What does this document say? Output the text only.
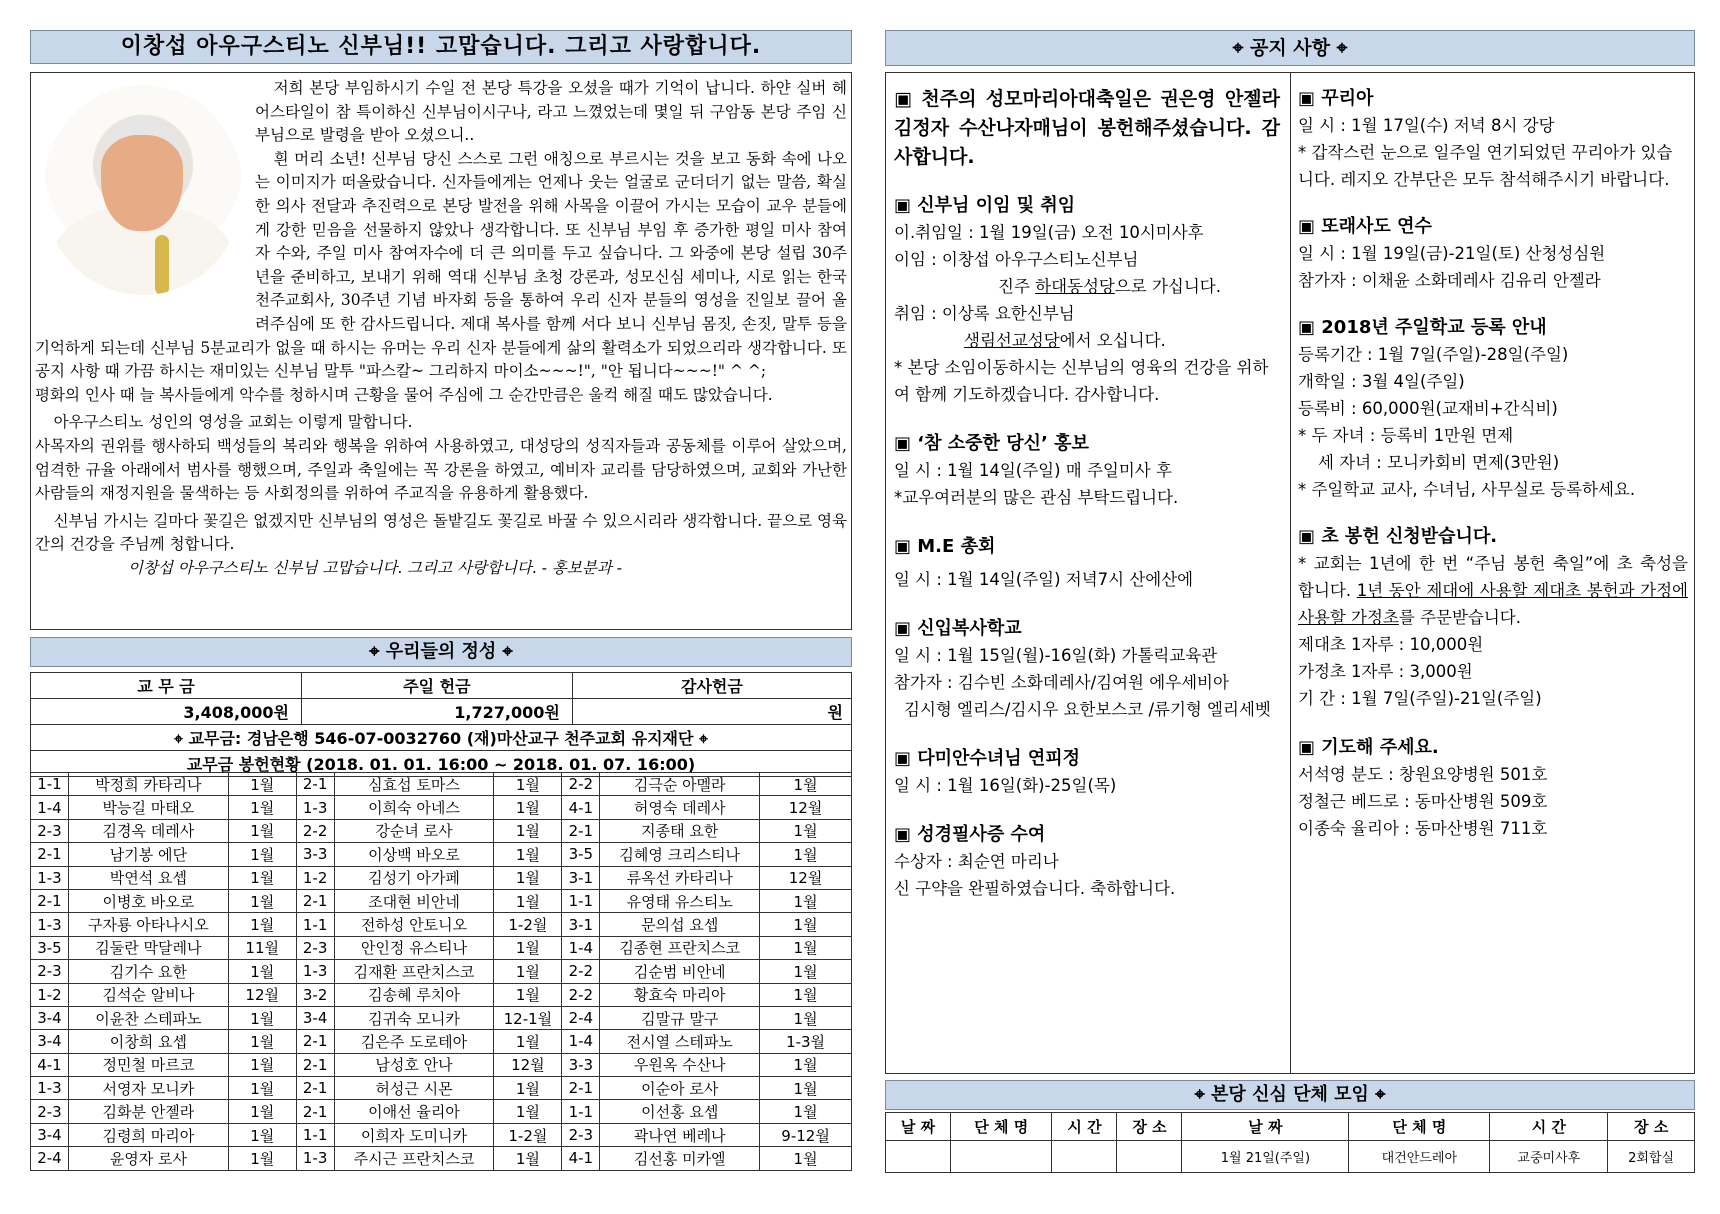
이창섭 아우구스티노 신부님!! 고맙습니다. 그리고 사랑합니다.

저희 본당 부임하시기 수일 전 본당 특강을 오셨을 때가 기억이 납니다. 하얀 실버 헤어스타일이 참 특이하신 신부님이시구나, 라고 느꼈었는데 몇일 뒤 구암동 본당 주임 신부님으로 발령을 받아 오셨으니..

흰 머리 소년! 신부님 당신 스스로 그런 애칭으로 부르시는 것을 보고 동화 속에 나오는 이미지가 떠올랐습니다. 신자들에게는 언제나 웃는 얼굴로 군더더기 없는 말씀, 확실한 의사 전달과 추진력으로 본당 발전을 위해 사목을 이끌어 가시는 모습이 교우 분들에게 강한 믿음을 선물하지 않았나 생각합니다. 또 신부님 부임 후 증가한 평일 미사 참여자 수와, 주일 미사 참여자수에 더 큰 의미를 두고 싶습니다. 그 와중에 본당 설립 30주년을 준비하고, 보내기 위해 역대 신부님 초청 강론과, 성모신심 세미나, 시로 읽는 한국 천주교회사, 30주년 기념 바자회 등을 통하여 우리 신자 분들의 영성을 진일보 끌어 올려주심에 또 한 감사드립니다. 제대 복사를 함께 서다 보니 신부님 몸짓, 손짓, 말투 등을 기억하게 되는데 신부님 5분교리가 없을 때 하시는 유머는 우리 신자 분들에게 삶의 활력소가 되었으리라 생각합니다. 또 공지 사항 때 가끔 하시는 재미있는 신부님 말투 "파스칼~ 그리하지 마이소~~~!", "안 됩니다~~~!" ^ ^;

평화의 인사 때 늘 복사들에게 악수를 청하시며 근황을 물어 주심에 그 순간만큼은 울컥 해질 때도 많았습니다.

아우구스티노 성인의 영성을 교회는 이렇게 말합니다.

사목자의 권위를 행사하되 백성들의 복리와 행복을 위하여 사용하였고, 대성당의 성직자들과 공동체를 이루어 살았으며, 엄격한 규율 아래에서 범사를 행했으며, 주일과 축일에는 꼭 강론을 하였고, 예비자 교리를 담당하였으며, 교회와 가난한 사람들의 재정지원을 물색하는 등 사회정의를 위하여 주교직을 유용하게 활용했다.

신부님 가시는 길마다 꽃길은 없겠지만 신부님의 영성은 돌밭길도 꽃길로 바꿀 수 있으시리라 생각합니다. 끝으로 영육간의 건강을 주님께 청합니다.

이창섭 아우구스티노 신부님 고맙습니다. 그리고 사랑합니다. - 홍보분과 -

⌖ 우리들의 정성 ⌖
교 무 금	주일 헌금	감사헌금
3,408,000원	1,727,000원	원
⌖ 교무금: 경남은행 546-07-0032760 (재)마산교구 천주교회 유지재단 ⌖		
교무금 봉헌현황 (2018. 01. 01. 16:00 ~ 2018. 01. 07. 16:00)		
1-1	박정희 카타리나	1월	2-1	심효섭 토마스	1월	2-2	김극순 아멜라	1월
1-4	박능길 마태오	1월	1-3	이희숙 아네스	1월	4-1	허영숙 데레사	12월
2-3	김경옥 데레사	1월	2-2	강순녀 로사	1월	2-1	지종태 요한	1월
2-1	남기봉 에단	1월	3-3	이상백 바오로	1월	3-5	김혜영 크리스티나	1월
1-3	박연석 요셉	1월	1-2	김성기 아가페	1월	3-1	류옥선 카타리나	12월
2-1	이병호 바오로	1월	2-1	조대현 비안네	1월	1-1	유영태 유스티노	1월
1-3	구자룡 아타나시오	1월	1-1	전하성 안토니오	1-2월	3-1	문의섭 요셉	1월
3-5	김둘란 막달레나	11월	2-3	안인정 유스티나	1월	1-4	김종현 프란치스코	1월
2-3	김기수 요한	1월	1-3	김재환 프란치스코	1월	2-2	김순범 비안네	1월
1-2	김석순 알비나	12월	3-2	김송혜 루치아	1월	2-2	황효숙 마리아	1월
3-4	이윤찬 스테파노	1월	3-4	김귀숙 모니카	12-1월	2-4	김말규 말구	1월
3-4	이창희 요셉	1월	2-1	김은주 도로테아	1월	1-4	전시열 스테파노	1-3월
4-1	정민철 마르코	1월	2-1	남성호 안나	12월	3-3	우원옥 수산나	1월
1-3	서영자 모니카	1월	2-1	허성근 시몬	1월	2-1	이순아 로사	1월
2-3	김화분 안젤라	1월	2-1	이애선 율리아	1월	1-1	이선홍 요셉	1월
3-4	김령희 마리아	1월	1-1	이희자 도미니카	1-2월	2-3	곽나연 베레나	9-12월
2-4	윤영자 로사	1월	1-3	주시근 프란치스코	1월	4-1	김선홍 미카엘	1월
⌖ 공지 사항 ⌖

▣ 천주의 성모마리아대축일은 권은영 안젤라 김정자 수산나자매님이 봉헌해주셨습니다. 감사합니다.

▣ 신부님 이임 및 취임

이.취임일 : 1월 19일(금) 오전 10시미사후

이임 : 이창섭 아우구스티노신부님

진주 하대동성당으로 가십니다.

취임 : 이상록 요한신부님

생림선교성당에서 오십니다.

* 본당 소임이동하시는 신부님의 영육의 건강을 위하여 함께 기도하겠습니다. 감사합니다.

▣ ‘참 소중한 당신’ 홍보

일 시 : 1월 14일(주일) 매 주일미사 후

*교우여러분의 많은 관심 부탁드립니다.

▣ M.E 총회

일 시 : 1월 14일(주일) 저녁7시 산에산에

▣ 신입복사학교

일 시 : 1월 15일(월)-16일(화) 가톨릭교육관

참가자 : 김수빈 소화데레사/김여원 에우세비아

김시형 엘리스/김시우 요한보스코 /류기형 엘리세벳

▣ 다미안수녀님 연피정

일 시 : 1월 16일(화)-25일(목)

▣ 성경필사증 수여

수상자 : 최순연 마리나

신 구약을 완필하였습니다. 축하합니다.

▣ 꾸리아

일 시 : 1월 17일(수) 저녁 8시 강당

* 갑작스런 눈으로 일주일 연기되었던 꾸리아가 있습니다. 레지오 간부단은 모두 참석해주시기 바랍니다.

▣ 또래사도 연수

일 시 : 1월 19일(금)-21일(토) 산청성심원

참가자 : 이채윤 소화데레사 김유리 안젤라

▣ 2018년 주일학교 등록 안내

등록기간 : 1월 7일(주일)-28일(주일)

개학일 : 3월 4일(주일)

등록비 : 60,000원(교재비+간식비)

* 두 자녀 : 등록비 1만원 면제

세 자녀 : 모니카회비 면제(3만원)

* 주일학교 교사, 수녀님, 사무실로 등록하세요.

▣ 초 봉헌 신청받습니다.

* 교회는 1년에 한 번 “주님 봉헌 축일”에 초 축성을 합니다. 1년 동안 제대에 사용할 제대초 봉헌과 가정에 사용할 가정초를 주문받습니다.

제대초 1자루 : 10,000원

가정초 1자루 : 3,000원

기 간 : 1월 7일(주일)-21일(주일)

▣ 기도해 주세요.

서석영 분도 : 창원요양병원 501호

정철근 베드로 : 동마산병원 509호

이종숙 율리아 : 동마산병원 711호

⌖ 본당 신심 단체 모임 ⌖
날 짜	단 체 명	시 간	장 소	날 짜	단 체 명	시 간	장 소
				1월 21일(주일)	대건안드레아	교중미사후	2회합실
